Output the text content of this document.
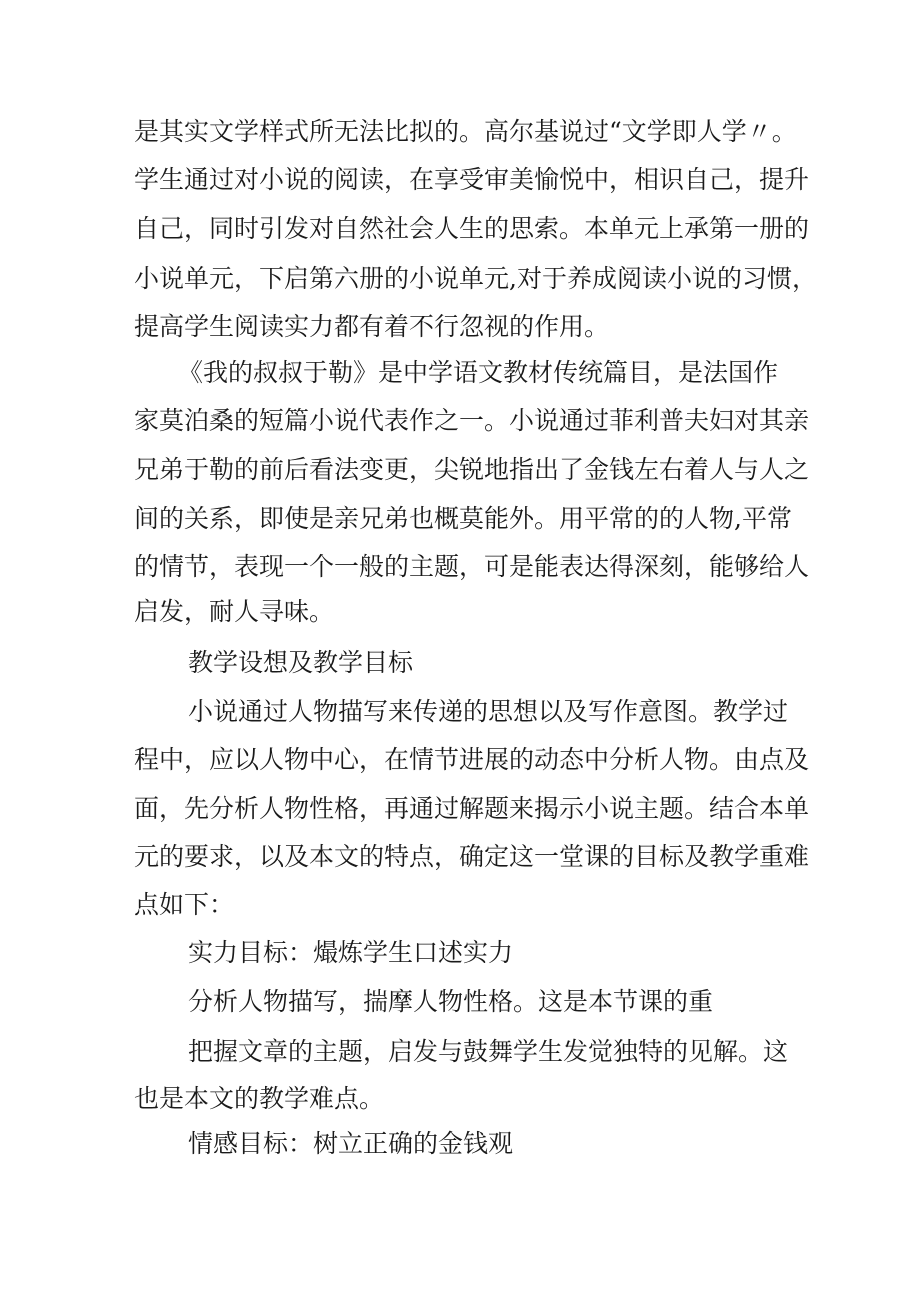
是其实文学样式所无法比拟的。高尔基说过“文学即人学〃。
学生通过对小说的阅读，在享受审美愉悦中，相识自己，提升
自己，同时引发对自然社会人生的思索。本单元上承第一册的
小说单元，下启第六册的小说单元,对于养成阅读小说的习惯，
提高学生阅读实力都有着不行忽视的作用。
《我的叔叔于勒》是中学语文教材传统篇目，是法国作
家莫泊桑的短篇小说代表作之一。小说通过菲利普夫妇对其亲
兄弟于勒的前后看法变更，尖锐地指出了金钱左右着人与人之
间的关系，即使是亲兄弟也概莫能外。用平常的的人物,平常
的情节，表现一个一般的主题，可是能表达得深刻，能够给人
启发，耐人寻味。
教学设想及教学目标
小说通过人物描写来传递的思想以及写作意图。教学过
程中，应以人物中心，在情节进展的动态中分析人物。由点及
面，先分析人物性格，再通过解题来揭示小说主题。结合本单
元的要求，以及本文的特点，确定这一堂课的目标及教学重难
点如下：
实力目标：熶炼学生口述实力
分析人物描写，揣摩人物性格。这是本节课的重
把握文章的主题，启发与鼓舞学生发觉独特的见解。这
也是本文的教学难点。
情感目标：树立正确的金钱观
